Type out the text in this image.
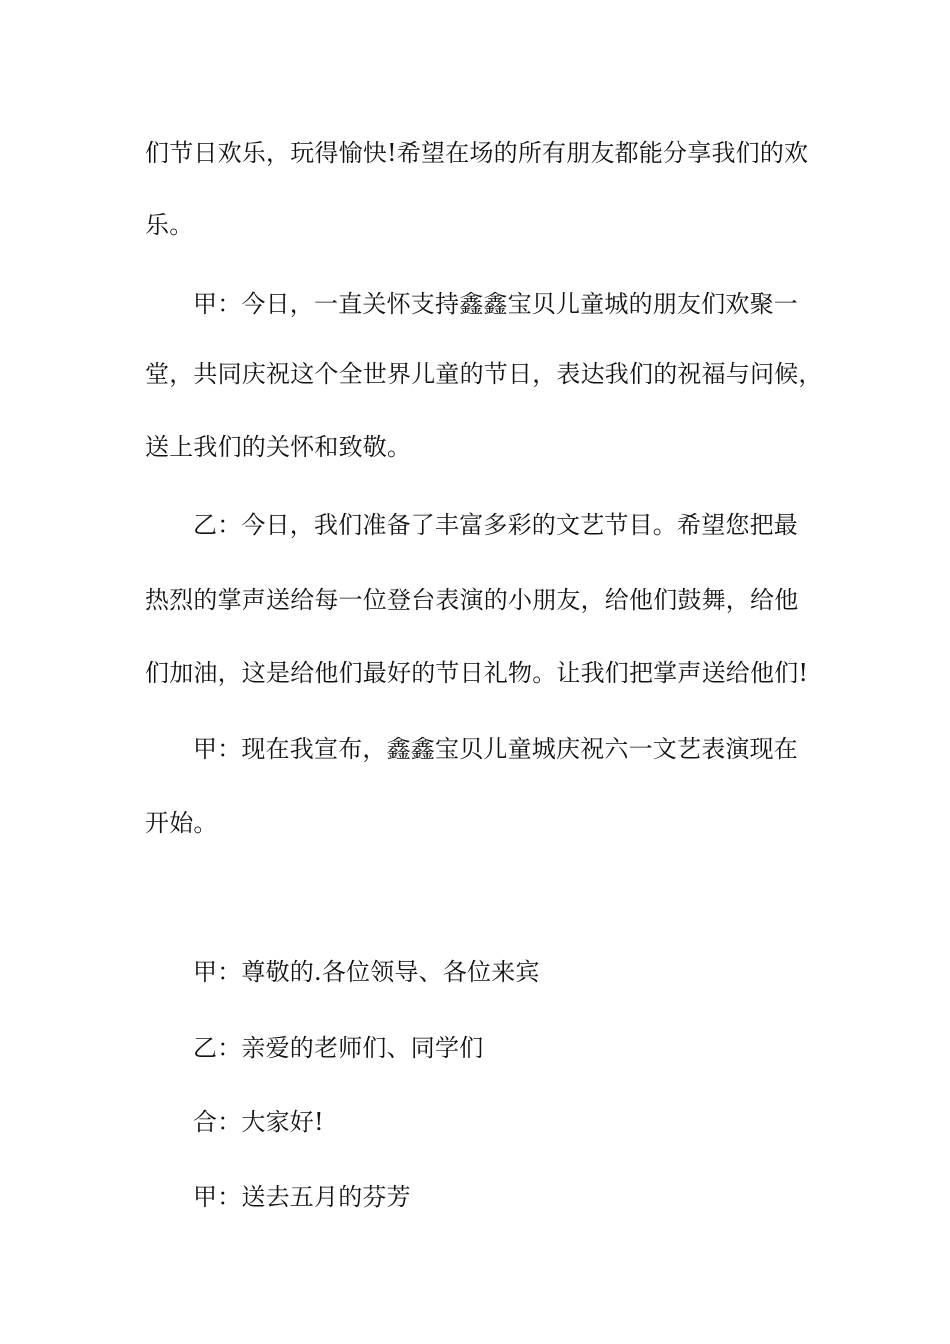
们节日欢乐，玩得愉快!希望在场的所有朋友都能分享我们的欢
乐。
甲：今日，一直关怀支持鑫鑫宝贝儿童城的朋友们欢聚一
堂，共同庆祝这个全世界儿童的节日，表达我们的祝福与问候，
送上我们的关怀和致敬。
乙：今日，我们准备了丰富多彩的文艺节目。希望您把最
热烈的掌声送给每一位登台表演的小朋友，给他们鼓舞，给他
们加油，这是给他们最好的节日礼物。让我们把掌声送给他们!
甲：现在我宣布，鑫鑫宝贝儿童城庆祝六一文艺表演现在
开始。
甲：尊敬的.各位领导、各位来宾
乙：亲爱的老师们、同学们
合：大家好!
甲：送去五月的芬芳
